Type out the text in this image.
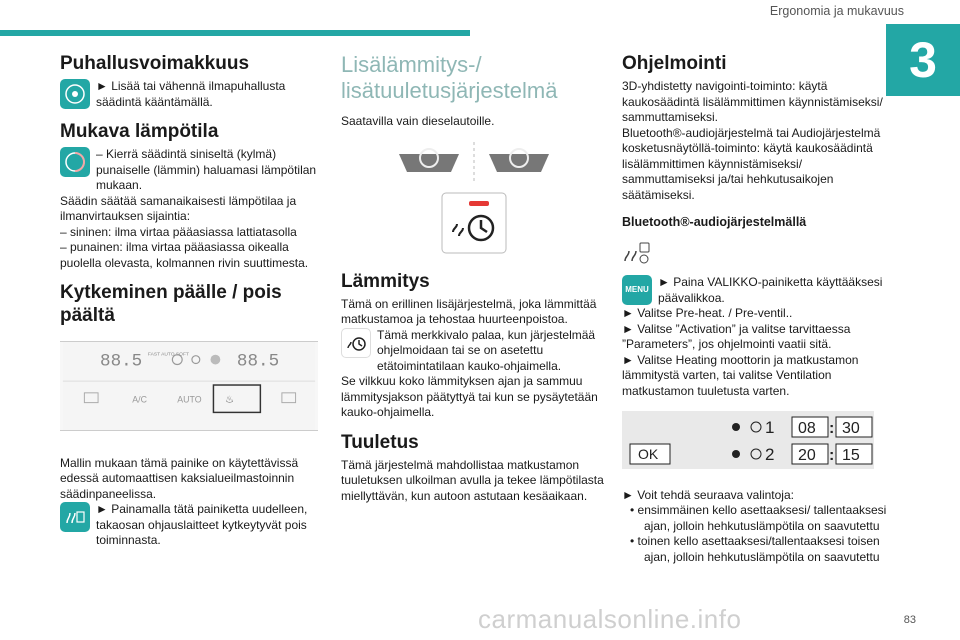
Ergonomia ja mukavuus
3
Puhallusvoimakkuus

► Lisää tai vähennä ilmapuhallusta säädintä kääntämällä.

Mukava lämpötila

– Kierrä säädintä siniseltä (kylmä) punaiselle (lämmin) haluamasi lämpötilan mukaan.

Säädin säätää samanaikaisesti lämpötilaa ja ilmanvirtauksen sijaintia:

– sininen: ilma virtaa pääasiassa lattiatasolla

– punainen: ilma virtaa pääasiassa oikealla puolella olevasta, kolmannen rivin suuttimesta.

Kytkeminen päälle / pois päältä
88.5 FAST AUTO SOFT	88.5
A/C	AUTO ♨

Mallin mukaan tämä painike on käytettävissä edessä automaattisen kaksialueilmastoinnin säädinpaneelissa.

► Painamalla tätä painiketta uudelleen, takaosan ohjauslaitteet kytkeytyvät pois toiminnasta.

Lisälämmitys-/ lisätuuletusjärjestelmä

Saatavilla vain dieselautoille.

Lämmitys

Tämä on erillinen lisäjärjestelmä, joka lämmittää matkustamoa ja tehostaa huurteenpoistoa.

Tämä merkkivalo palaa, kun järjestelmää ohjelmoidaan tai se on asetettu etätoimintatilaan kauko-ohjaimella.

Se vilkkuu koko lämmityksen ajan ja sammuu lämmitysjakson päätyttyä tai kun se pysäytetään kauko-ohjaimella.

Tuuletus

Tämä järjestelmä mahdollistaa matkustamon tuuletuksen ulkoilman avulla ja tekee lämpötilasta miellyttävän, kun autoon astutaan kesäaikaan.

Ohjelmointi

3D-yhdistetty navigointi-toiminto: käytä kaukosäädintä lisälämmittimen käynnistämiseksi/ sammuttamiseksi.

Bluetooth®-audiojärjestelmä tai Audiojärjestelmä kosketusnäytöllä-toiminto: käytä kaukosäädintä lisälämmittimen käynnistämiseksi/ sammuttamiseksi ja/tai hehkutusaikojen säätämiseksi.

Bluetooth®-audiojärjestelmällä
MENU

► Paina VALIKKO-painiketta käyttääksesi päävalikkoa.

► Valitse Pre-heat. / Pre-ventil..

► Valitse ”Activation” ja valitse tarvittaessa ”Parameters”, jos ohjelmointi vaatii sitä.

► Valitse Heating moottorin ja matkustamon lämmitystä varten, tai valitse Ventilation matkustamon tuuletusta varten.

1 08 : 30
OK	2 20 : 15

► Voit tehdä seuraava valintoja:

• ensimmäinen kello asettaaksesi/ tallentaaksesi ajan, jolloin hehkutuslämpötila on saavutettu

• toinen kello asettaaksesi/tallentaaksesi toisen ajan, jolloin hehkutuslämpötila on saavutettu

carmanualsonline.info	83
